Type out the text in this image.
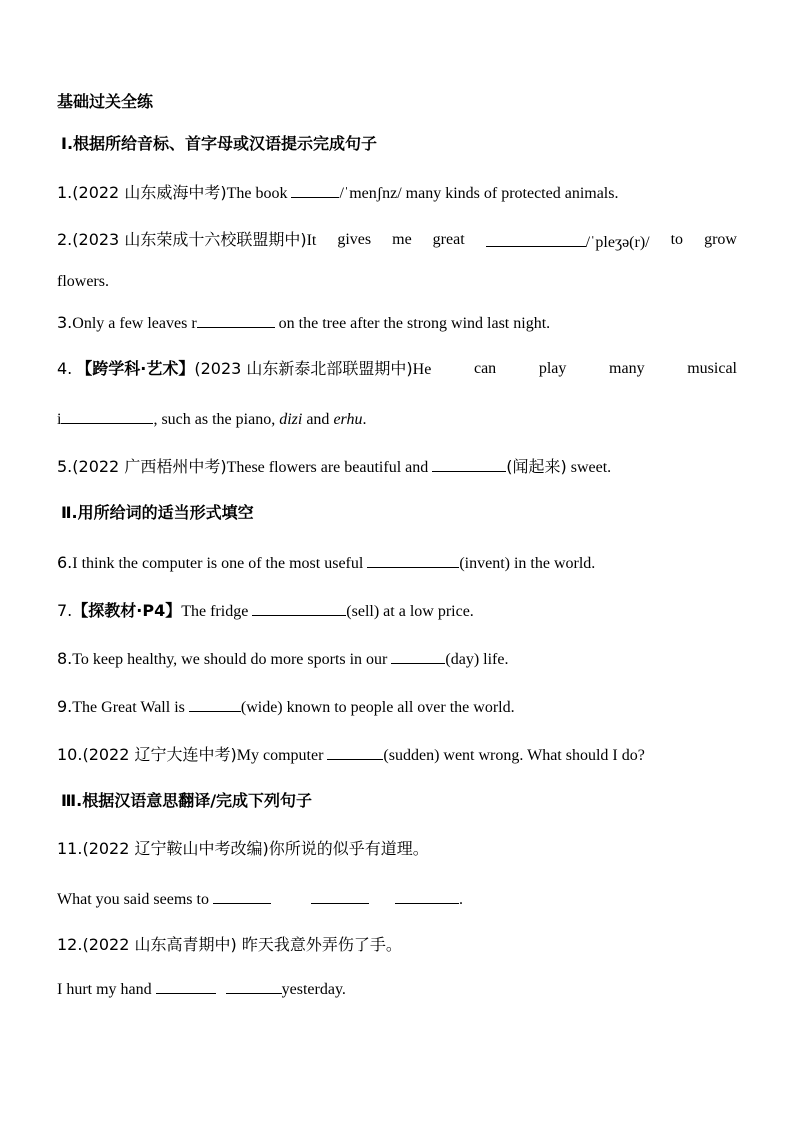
基础过关全练
Ⅰ.根据所给音标、首字母或汉语提示完成句子
1.(2022 山东威海中考)The book	/ˈmenʃnz/ many kinds of protected animals.
2.(2023 山东荣成十六校联盟期中)It gives me great	/ˈpleʒə(r)/ to grow
flowers.
3.Only a few leaves r	on the tree after the strong wind last night.
4. 【跨学科·艺术】(2023 山东新泰北部联盟期中)He	can	play	many	musical
i	, such as the piano, dizi and erhu.
5.(2022 广西梧州中考)These flowers are beautiful and	(闻起来) sweet.
Ⅱ.用所给词的适当形式填空
6.I think the computer is one of the most useful	(invent) in the world.
7.【探教材·P4】The fridge	(sell) at a low price.
8.To keep healthy, we should do more sports in our	(day) life.
9.The Great Wall is	(wide) known to people all over the world.
10.(2022 辽宁大连中考)My computer	(sudden) went wrong. What should I do?
Ⅲ.根据汉语意思翻译/完成下列句子
11.(2022 辽宁鞍山中考改编)你所说的似乎有道理。
What you said seems to	.
12.(2022 山东高青期中) 昨天我意外弄伤了手。
I hurt my hand	yesterday.
